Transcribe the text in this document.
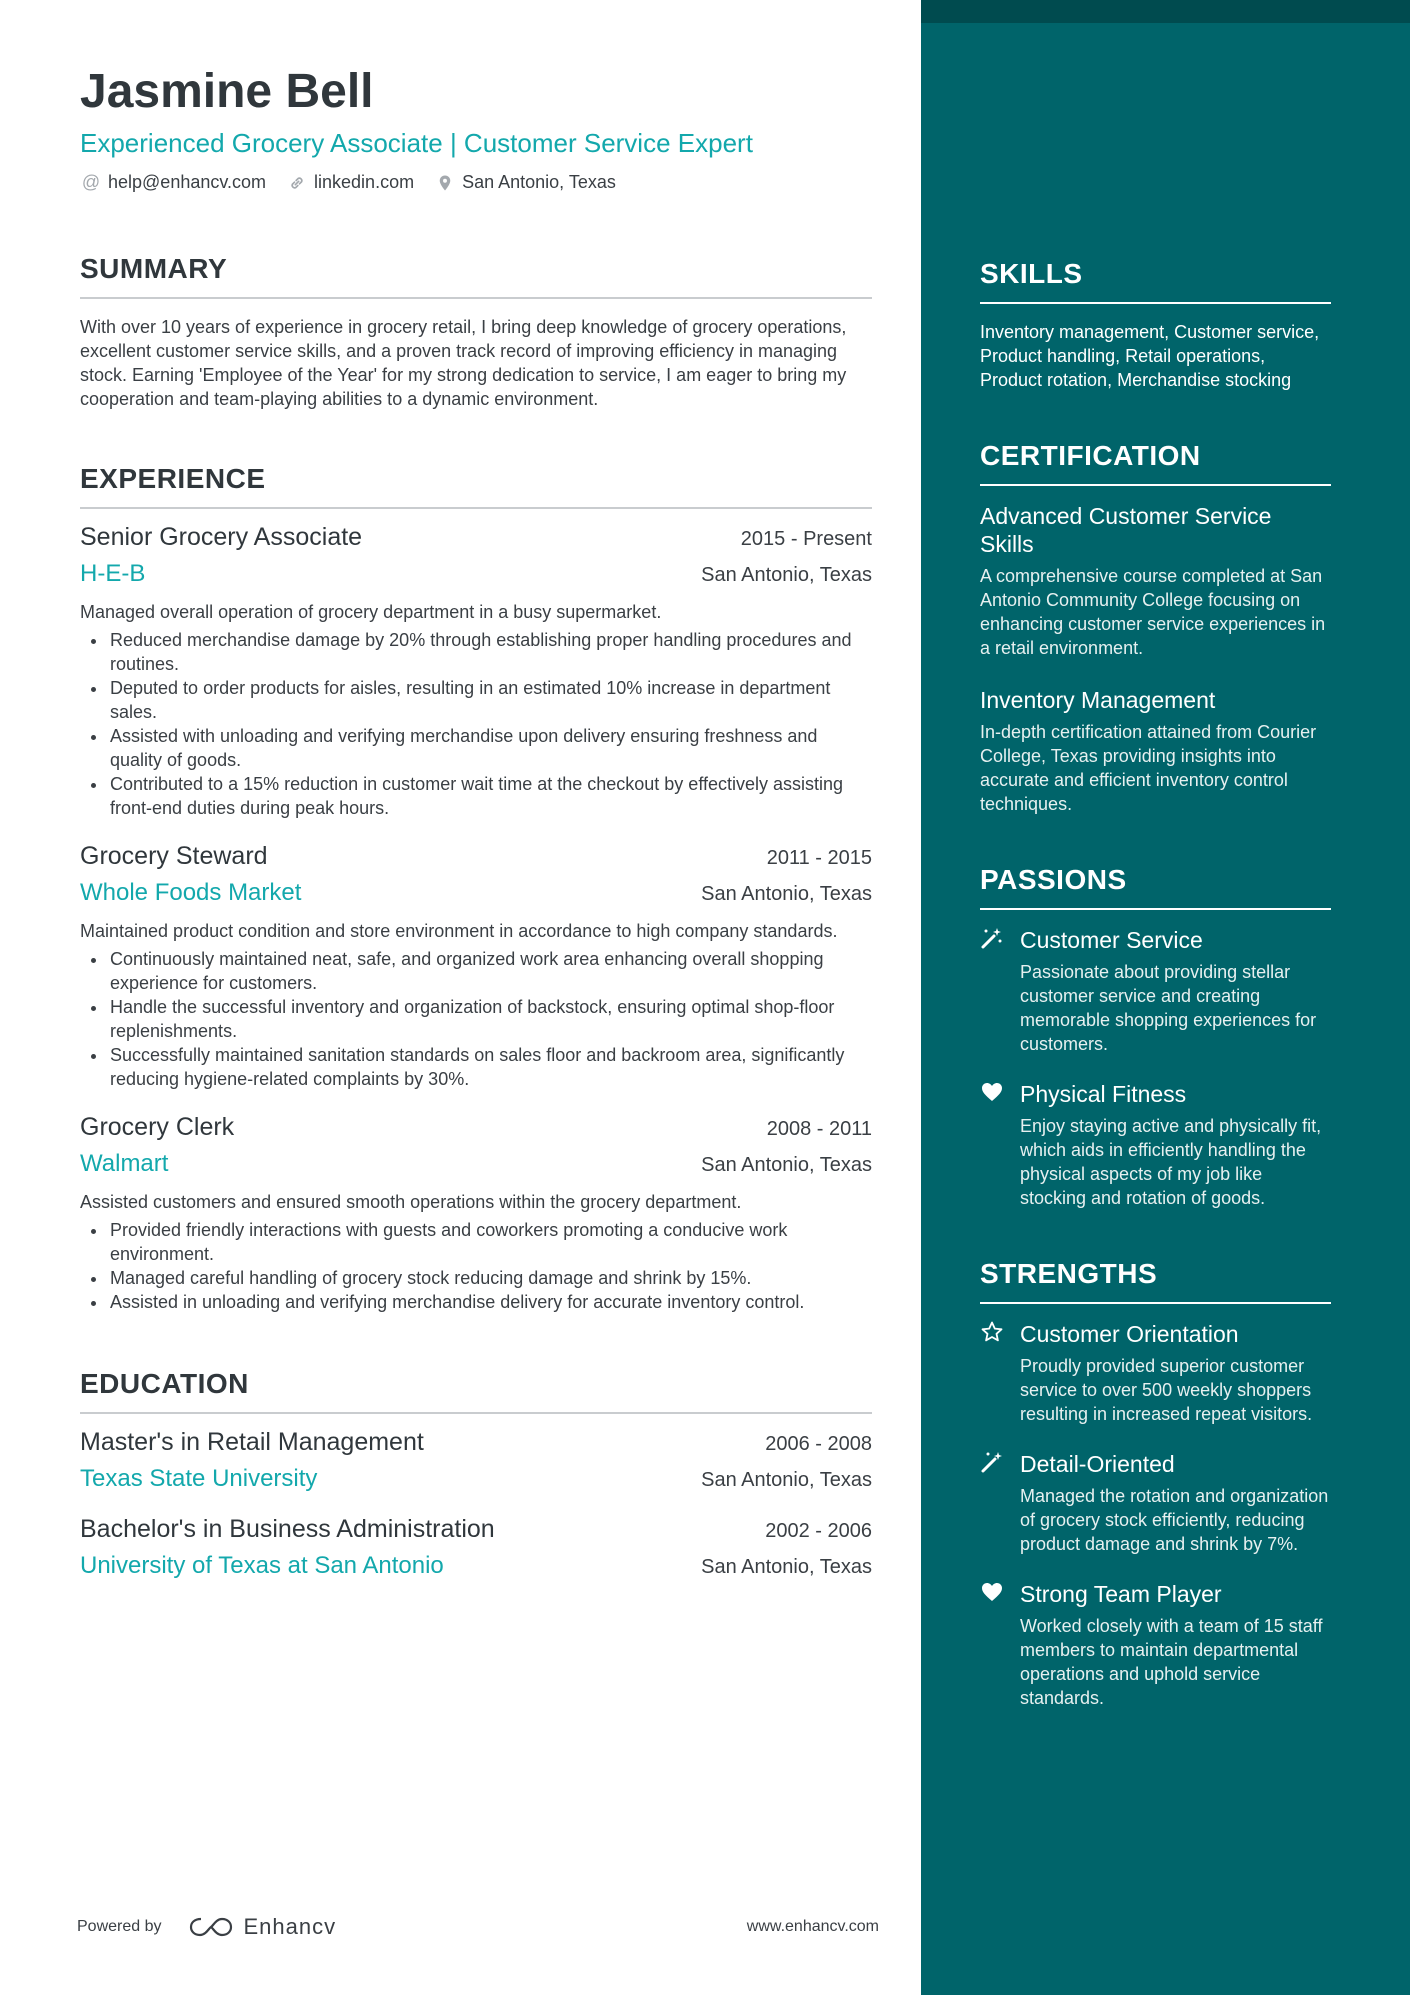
SKILLS
Inventory management, Customer service, Product handling, Retail operations, Product rotation, Merchandise stocking
CERTIFICATION
Advanced Customer Service Skills
A comprehensive course completed at San Antonio Community College focusing on enhancing customer service experiences in a retail environment.
Inventory Management
In-depth certification attained from Courier College, Texas providing insights into accurate and efficient inventory control techniques.
PASSIONS
Customer Service
Passionate about providing stellar customer service and creating memorable shopping experiences for customers.
Physical Fitness
Enjoy staying active and physically fit, which aids in efficiently handling the physical aspects of my job like stocking and rotation of goods.
STRENGTHS
Customer Orientation
Proudly provided superior customer service to over 500 weekly shoppers resulting in increased repeat visitors.
Detail-Oriented
Managed the rotation and organization of grocery stock efficiently, reducing product damage and shrink by 7%.
Strong Team Player
Worked closely with a team of 15 staff members to maintain departmental operations and uphold service standards.
Jasmine Bell
Experienced Grocery Associate | Customer Service Expert
@ help@enhancv.com	linkedin.com	San Antonio, Texas
SUMMARY
With over 10 years of experience in grocery retail, I bring deep knowledge of grocery operations, excellent customer service skills, and a proven track record of improving efficiency in managing stock. Earning 'Employee of the Year' for my strong dedication to service, I am eager to bring my cooperation and team-playing abilities to a dynamic environment.
EXPERIENCE
Senior Grocery Associate	2015 - Present
H-E-B	San Antonio, Texas
Managed overall operation of grocery department in a busy supermarket.
• Reduced merchandise damage by 20% through establishing proper handling procedures and routines.
• Deputed to order products for aisles, resulting in an estimated 10% increase in department sales.
• Assisted with unloading and verifying merchandise upon delivery ensuring freshness and quality of goods.
• Contributed to a 15% reduction in customer wait time at the checkout by effectively assisting front-end duties during peak hours.
Grocery Steward	2011 - 2015
Whole Foods Market	San Antonio, Texas
Maintained product condition and store environment in accordance to high company standards.
• Continuously maintained neat, safe, and organized work area enhancing overall shopping experience for customers.
• Handle the successful inventory and organization of backstock, ensuring optimal shop-floor replenishments.
• Successfully maintained sanitation standards on sales floor and backroom area, significantly reducing hygiene-related complaints by 30%.
Grocery Clerk	2008 - 2011
Walmart	San Antonio, Texas
Assisted customers and ensured smooth operations within the grocery department.
• Provided friendly interactions with guests and coworkers promoting a conducive work environment.
• Managed careful handling of grocery stock reducing damage and shrink by 15%.
• Assisted in unloading and verifying merchandise delivery for accurate inventory control.
EDUCATION
Master's in Retail Management	2006 - 2008
Texas State University	San Antonio, Texas
Bachelor's in Business Administration	2002 - 2006
University of Texas at San Antonio	San Antonio, Texas
Powered by	Enhancv	www.enhancv.com
